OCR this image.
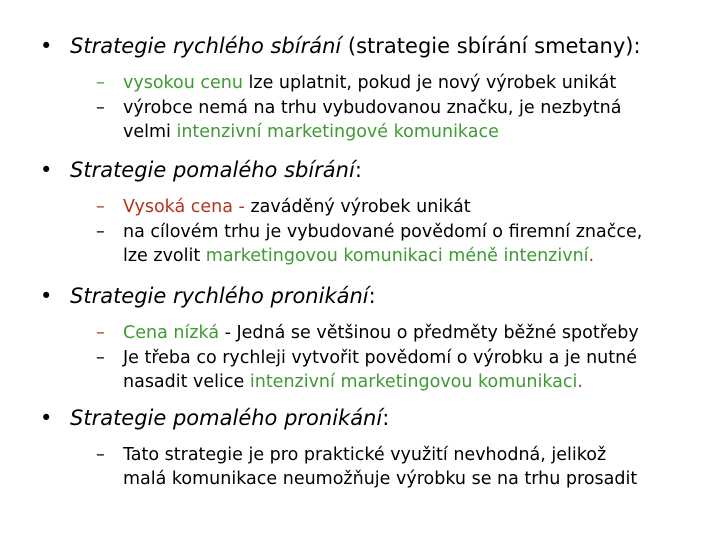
• Strategie rychlého sbírání (strategie sbírání smetany):
– vysokou cenu lze uplatnit, pokud je nový výrobek unikát
– výrobce nemá na trhu vybudovanou značku, je nezbytná
velmi intenzivní marketingové komunikace
• Strategie pomalého sbírání:
– Vysoká cena - zaváděný výrobek unikát
– na cílovém trhu je vybudované povědomí o firemní značce,
lze zvolit marketingovou komunikaci méně intenzivní.
• Strategie rychlého pronikání:
– Cena nízká - Jedná se většinou o předměty běžné spotřeby
– Je třeba co rychleji vytvořit povědomí o výrobku a je nutné
nasadit velice intenzivní marketingovou komunikaci.
• Strategie pomalého pronikání:
– Tato strategie je pro praktické využití nevhodná, jelikož
malá komunikace neumožňuje výrobku se na trhu prosadit
